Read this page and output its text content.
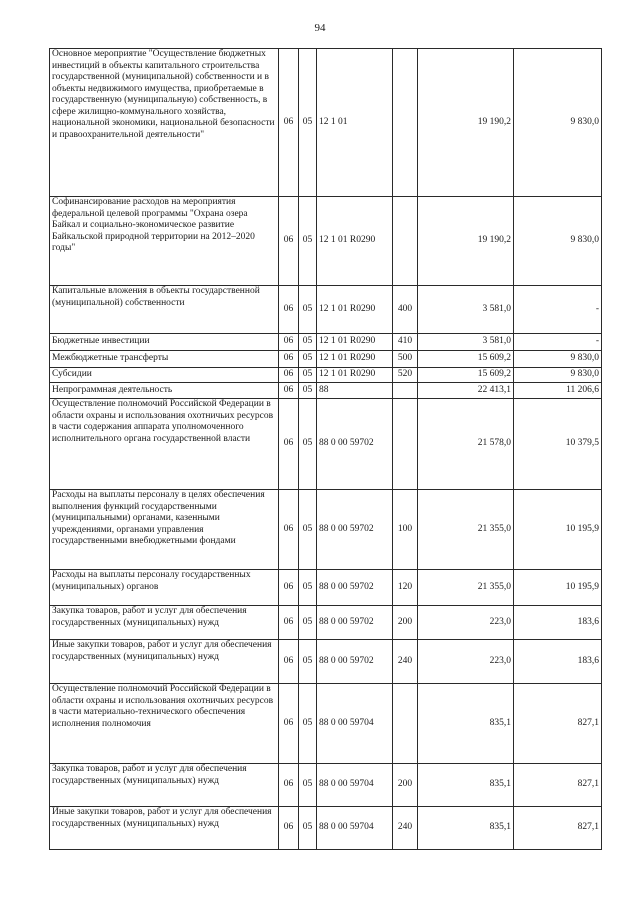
94
Основное мероприятие "Осуществление бюджетных инвестиций в объекты капитального строительства государственной (муниципальной) собственности и в объекты недвижимого имущества, приобретаемые в государственную (муниципальную) собственность, в сфере жилищно-коммунального хозяйства, национальной экономики, национальной безопасности и правоохранительной деятельности"	06	05	12 1 01		19 190,2	9 830,0
Софинансирование расходов на мероприятия федеральной целевой программы "Охрана озера Байкал и социально-экономическое развитие Байкальской природной территории на 2012–2020 годы"	06	05	12 1 01 R0290		19 190,2	9 830,0
Капитальные вложения в объекты государственной (муниципальной) собственности	06	05	12 1 01 R0290	400	3 581,0	-
Бюджетные инвестиции	06	05	12 1 01 R0290	410	3 581,0	-
Межбюджетные трансферты	06	05	12 1 01 R0290	500	15 609,2	9 830,0
Субсидии	06	05	12 1 01 R0290	520	15 609,2	9 830,0
Непрограммная деятельность	06	05	88		22 413,1	11 206,6
Осуществление полномочий Российской Федерации в области охраны и использования охотничьих ресурсов в части содержания аппарата уполномоченного исполнительного органа государственной власти	06	05	88 0 00 59702		21 578,0	10 379,5
Расходы на выплаты персоналу в целях обеспечения выполнения функций государственными (муниципальными) органами, казенными учреждениями, органами управления государственными внебюджетными фондами	06	05	88 0 00 59702	100	21 355,0	10 195,9
Расходы на выплаты персоналу государственных (муниципальных) органов	06	05	88 0 00 59702	120	21 355,0	10 195,9
Закупка товаров, работ и услуг для обеспечения государственных (муниципальных) нужд	06	05	88 0 00 59702	200	223,0	183,6
Иные закупки товаров, работ и услуг для обеспечения государственных (муниципальных) нужд	06	05	88 0 00 59702	240	223,0	183,6
Осуществление полномочий Российской Федерации в области охраны и использования охотничьих ресурсов в части материально-технического обеспечения исполнения полномочия	06	05	88 0 00 59704		835,1	827,1
Закупка товаров, работ и услуг для обеспечения государственных (муниципальных) нужд	06	05	88 0 00 59704	200	835,1	827,1
Иные закупки товаров, работ и услуг для обеспечения государственных (муниципальных) нужд	06	05	88 0 00 59704	240	835,1	827,1
